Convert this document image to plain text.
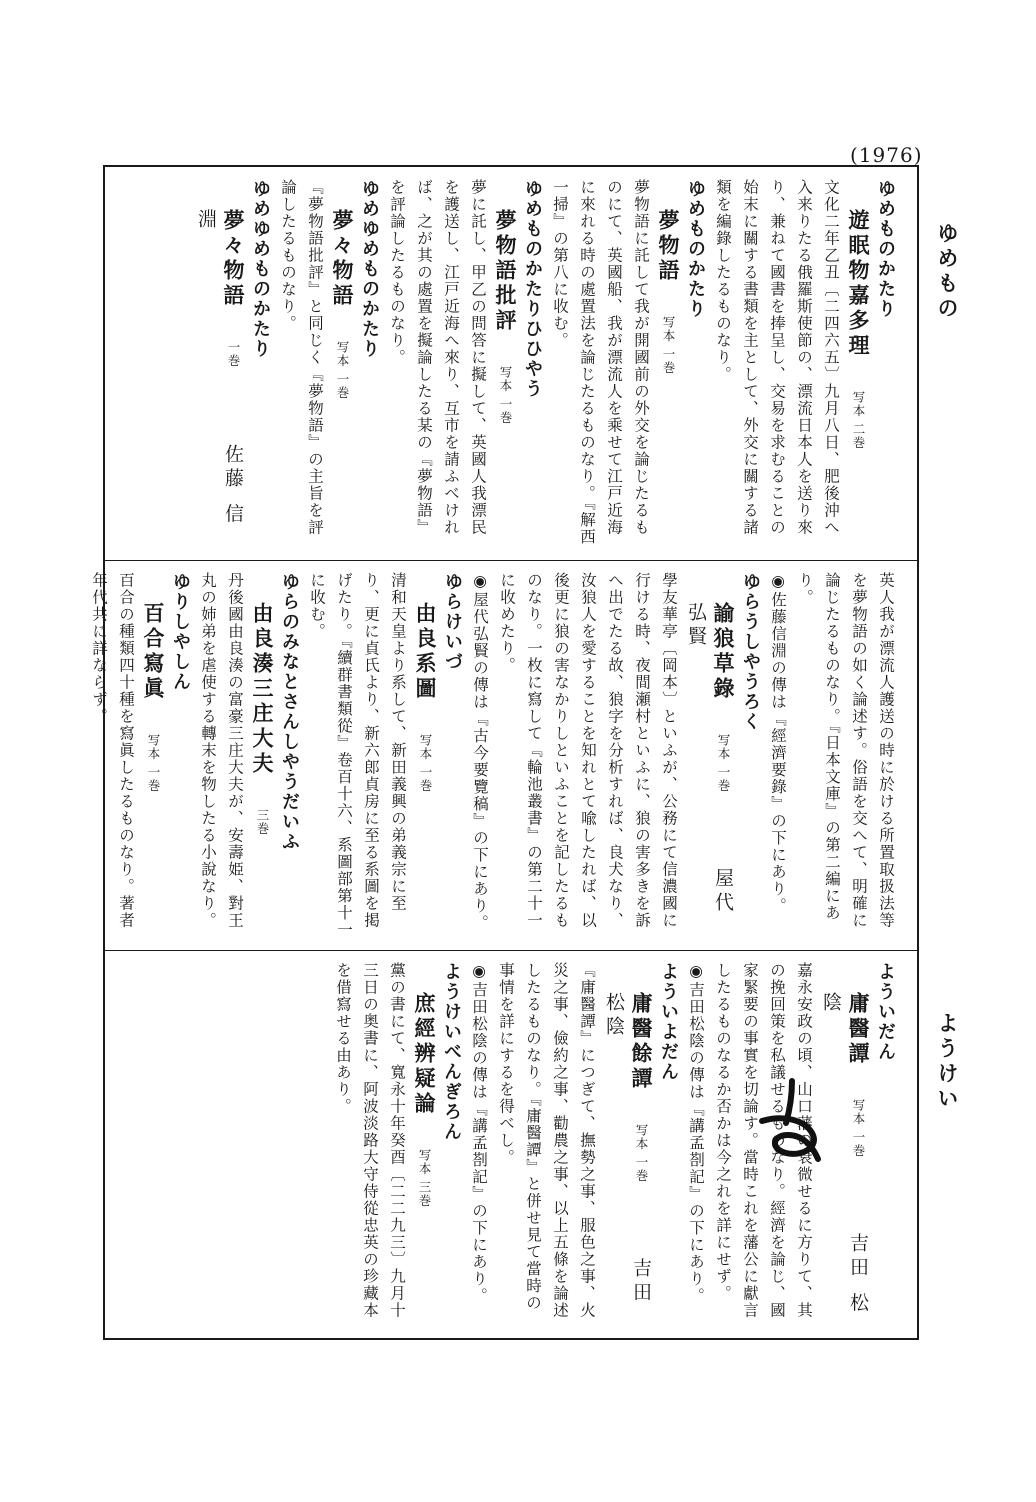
(1976)
ゆめもの
ようけい
ゆめものかたり
遊眠物嘉多理　写本 二巻
文化二年乙丑〔二四六五〕九月八日、肥後沖へ入来りたる俄羅斯使節の、漂流日本人を送り來り、兼ねて國書を捧呈し、交易を求むることの始末に關する書類を主として、外交に關する諸類を編錄したるものなり。
ゆめものかたり
夢物語　写本 一巻
夢物語に託して我が開國前の外交を論じたるものにて、英國船、我が漂流人を乘せて江戸近海に來れる時の處置法を論じたるものなり。『解西一掃』の第八に收む。
ゆめものかたりひひやう
夢物語批評　写本 一巻
夢に託し、甲乙の問答に擬して、英國人我漂民を護送し、江戸近海へ來り、互市を請ふべければ、之が其の處置を擬論したる某の『夢物語』を評論したるものなり。
ゆめゆめものかたり
夢々物語　写本 一巻
『夢物語批評』と同じく『夢物語』の主旨を評論したるものなり。
ゆめゆめものかたり
夢々物語　一巻　　佐藤 信淵
英人我が漂流人護送の時に於ける所置取扱法等を夢物語の如く論述す。俗語を交へて、明確に論じたるものなり。『日本文庫』の第二編にあり。
◉佐藤信淵の傳は『經濟要錄』の下にあり。
ゆらうしやうろく
諭狼草錄　写本 一巻　　屋代 弘賢
學友華亭〔岡本〕といふが、公務にて信濃國に行ける時、夜間瀬村といふに、狼の害多きを訴へ出でたる故、狼字を分析すれば、良犬なり、汝狼人を愛することを知れとて喩したれば、以後更に狼の害なかりしといふことを記したるものなり。一枚に寫して『輪池叢書』の第二十一に收めたり。
◉屋代弘賢の傳は『古今要覽稿』の下にあり。
ゆらけいづ
由良系圖　写本 一巻
清和天皇より系して、新田義興の弟義宗に至り、更に貞氏より、新六郎貞房に至る系圖を掲げたり。『續群書類從』卷百十六、系圖部第十一に收む。
ゆらのみなとさんしやうだいふ
由良湊三庄大夫　三巻
丹後國由良湊の富豪三庄大夫が、安壽姫、對王丸の姉弟を虐使する轉末を物したる小說なり。
ゆりしやしん
百合寫眞　写本 一巻
百合の種類四十種を寫眞したるものなり。著者年代共に詳ならず。
よういだん
庸醫譚　写本 一巻　　吉田 松陰
嘉永安政の頃、山口藩の衰微せるに方りて、其の挽回策を私議せるものなり。經濟を論じ、國家緊要の事實を切論す。當時これを藩公に獻言したるものなるか否かは今之れを詳にせず。
◉吉田松陰の傳は『講孟剳記』の下にあり。
よういよだん
庸醫餘譚　写本 一巻　　吉田 松陰
『庸醫譚』につぎて、撫勢之事、服色之事、火災之事、儉約之事、勸農之事、以上五條を論述したるものなり。『庸醫譚』と併せ見て當時の事情を詳にするを得べし。
◉吉田松陰の傳は『講孟剳記』の下にあり。
ようけいべんぎろん
庶經辨疑論　写本 三巻
黨の書にて、寬永十年癸酉〔二二九三〕九月十三日の奥書に、阿波淡路大守侍從忠英の珍藏本を借寫せる由あり。
